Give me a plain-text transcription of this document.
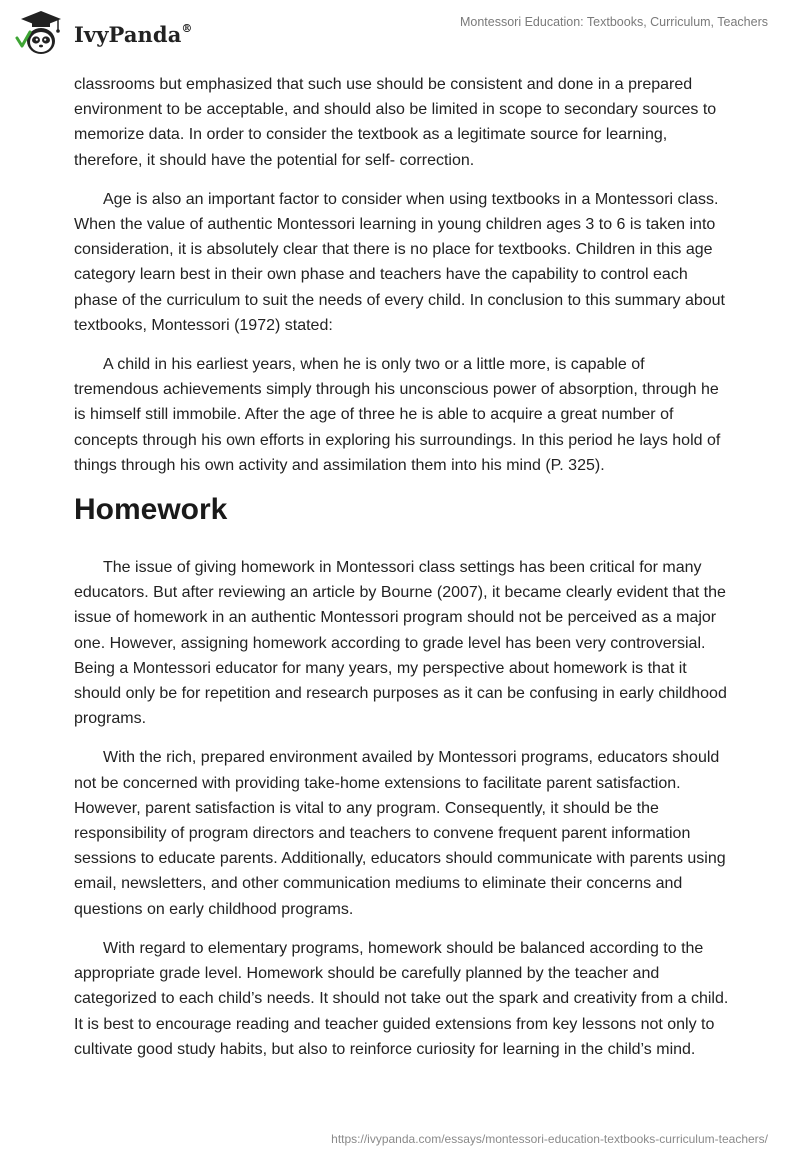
IvyPanda®	Montessori Education: Textbooks, Curriculum, Teachers

classrooms but emphasized that such use should be consistent and done in a prepared environment to be acceptable, and should also be limited in scope to secondary sources to memorize data. In order to consider the textbook as a legitimate source for learning, therefore, it should have the potential for self- correction.

Age is also an important factor to consider when using textbooks in a Montessori class. When the value of authentic Montessori learning in young children ages 3 to 6 is taken into consideration, it is absolutely clear that there is no place for textbooks. Children in this age category learn best in their own phase and teachers have the capability to control each phase of the curriculum to suit the needs of every child. In conclusion to this summary about textbooks, Montessori (1972) stated:

A child in his earliest years, when he is only two or a little more, is capable of tremendous achievements simply through his unconscious power of absorption, through he is himself still immobile. After the age of three he is able to acquire a great number of concepts through his own efforts in exploring his surroundings. In this period he lays hold of things through his own activity and assimilation them into his mind (P. 325).

Homework

The issue of giving homework in Montessori class settings has been critical for many educators. But after reviewing an article by Bourne (2007), it became clearly evident that the issue of homework in an authentic Montessori program should not be perceived as a major one. However, assigning homework according to grade level has been very controversial. Being a Montessori educator for many years, my perspective about homework is that it should only be for repetition and research purposes as it can be confusing in early childhood programs.

With the rich, prepared environment availed by Montessori programs, educators should not be concerned with providing take-home extensions to facilitate parent satisfaction. However, parent satisfaction is vital to any program. Consequently, it should be the responsibility of program directors and teachers to convene frequent parent information sessions to educate parents. Additionally, educators should communicate with parents using email, newsletters, and other communication mediums to eliminate their concerns and questions on early childhood programs.

With regard to elementary programs, homework should be balanced according to the appropriate grade level. Homework should be carefully planned by the teacher and categorized to each child’s needs. It should not take out the spark and creativity from a child. It is best to encourage reading and teacher guided extensions from key lessons not only to cultivate good study habits, but also to reinforce curiosity for learning in the child’s mind.

https://ivypanda.com/essays/montessori-education-textbooks-curriculum-teachers/
